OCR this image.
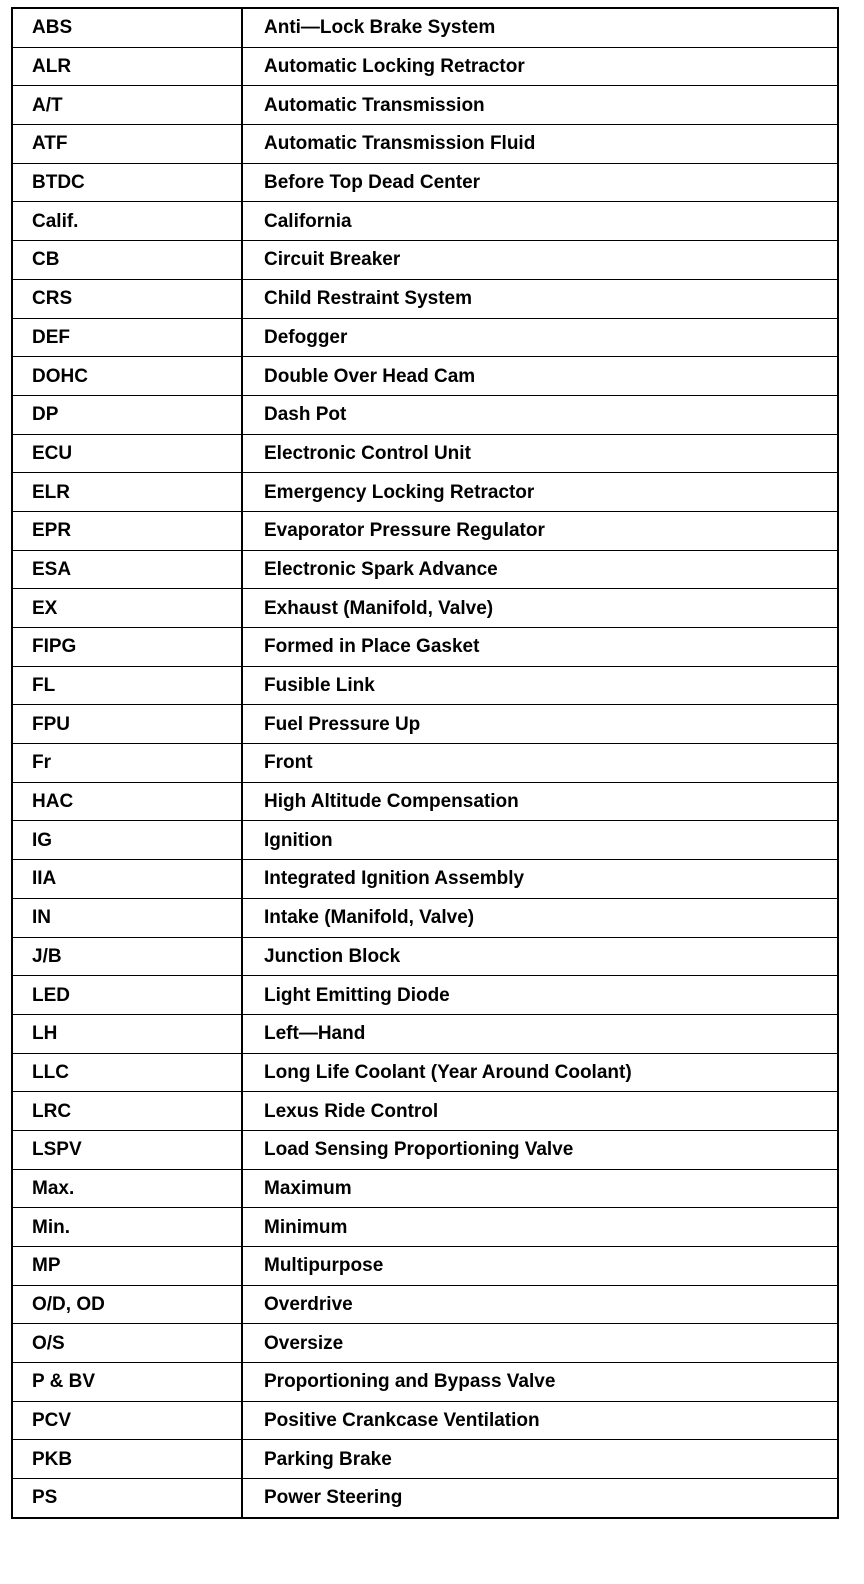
ABS	Anti—Lock Brake System
ALR	Automatic Locking Retractor
A/T	Automatic Transmission
ATF	Automatic Transmission Fluid
BTDC	Before Top Dead Center
Calif.	California
CB	Circuit Breaker
CRS	Child Restraint System
DEF	Defogger
DOHC	Double Over Head Cam
DP	Dash Pot
ECU	Electronic Control Unit
ELR	Emergency Locking Retractor
EPR	Evaporator Pressure Regulator
ESA	Electronic Spark Advance
EX	Exhaust (Manifold, Valve)
FIPG	Formed in Place Gasket
FL	Fusible Link
FPU	Fuel Pressure Up
Fr	Front
HAC	High Altitude Compensation
IG	Ignition
IIA	Integrated Ignition Assembly
IN	Intake (Manifold, Valve)
J/B	Junction Block
LED	Light Emitting Diode
LH	Left—Hand
LLC	Long Life Coolant (Year Around Coolant)
LRC	Lexus Ride Control
LSPV	Load Sensing Proportioning Valve
Max.	Maximum
Min.	Minimum
MP	Multipurpose
O/D, OD	Overdrive
O/S	Oversize
P & BV	Proportioning and Bypass Valve
PCV	Positive Crankcase Ventilation
PKB	Parking Brake
PS	Power Steering
